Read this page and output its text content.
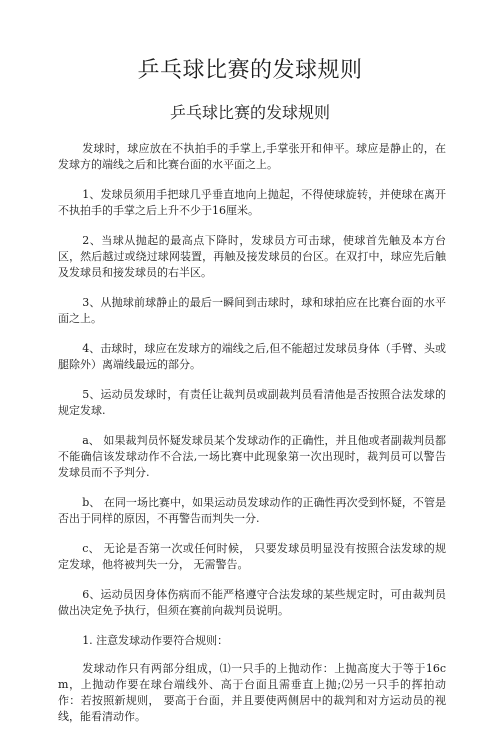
乒乓球比赛的发球规则
乒乓球比赛的发球规则

发球时，球应放在不执拍手的手掌上,手掌张开和伸平。球应是静止的，在发球方的端线之后和比赛台面的水平面之上。

1、发球员须用手把球几乎垂直地向上抛起，不得使球旋转，并使球在离开不执拍手的手掌之后上升不少于16厘米。

2、当球从抛起的最高点下降时，发球员方可击球，使球首先触及本方台区，然后越过或绕过球网装置，再触及接发球员的台区。在双打中，球应先后触及发球员和接发球员的右半区。

3、从抛球前球静止的最后一瞬间到击球时，球和球拍应在比赛台面的水平面之上。

4、击球时，球应在发球方的端线之后,但不能超过发球员身体（手臂、头或腿除外）离端线最远的部分。

5、运动员发球时，有责任让裁判员或副裁判员看清他是否按照合法发球的规定发球.

a、 如果裁判员怀疑发球员某个发球动作的正确性，并且他或者副裁判员都不能确信该发球动作不合法,一场比赛中此现象第一次出现时，裁判员可以警告发球员而不予判分.

b、 在同一场比赛中，如果运动员发球动作的正确性再次受到怀疑，不管是否出于同样的原因，不再警告而判失一分.

c、 无论是否第一次或任何时候， 只要发球员明显没有按照合法发球的规定发球，他将被判失一分， 无需警告。

6、运动员因身体伤病而不能严格遵守合法发球的某些规定时，可由裁判员做出决定免予执行，但须在赛前向裁判员说明。

1. 注意发球动作要符合规则：

发球动作只有两部分组成，⑴一只手的上抛动作：上抛高度大于等于16cm，上抛动作要在球台端线外、高于台面且需垂直上抛;⑵另一只手的挥拍动作：若按照新规则， 要高于台面，并且要使两侧居中的裁判和对方运动员的视线，能看清动作。
